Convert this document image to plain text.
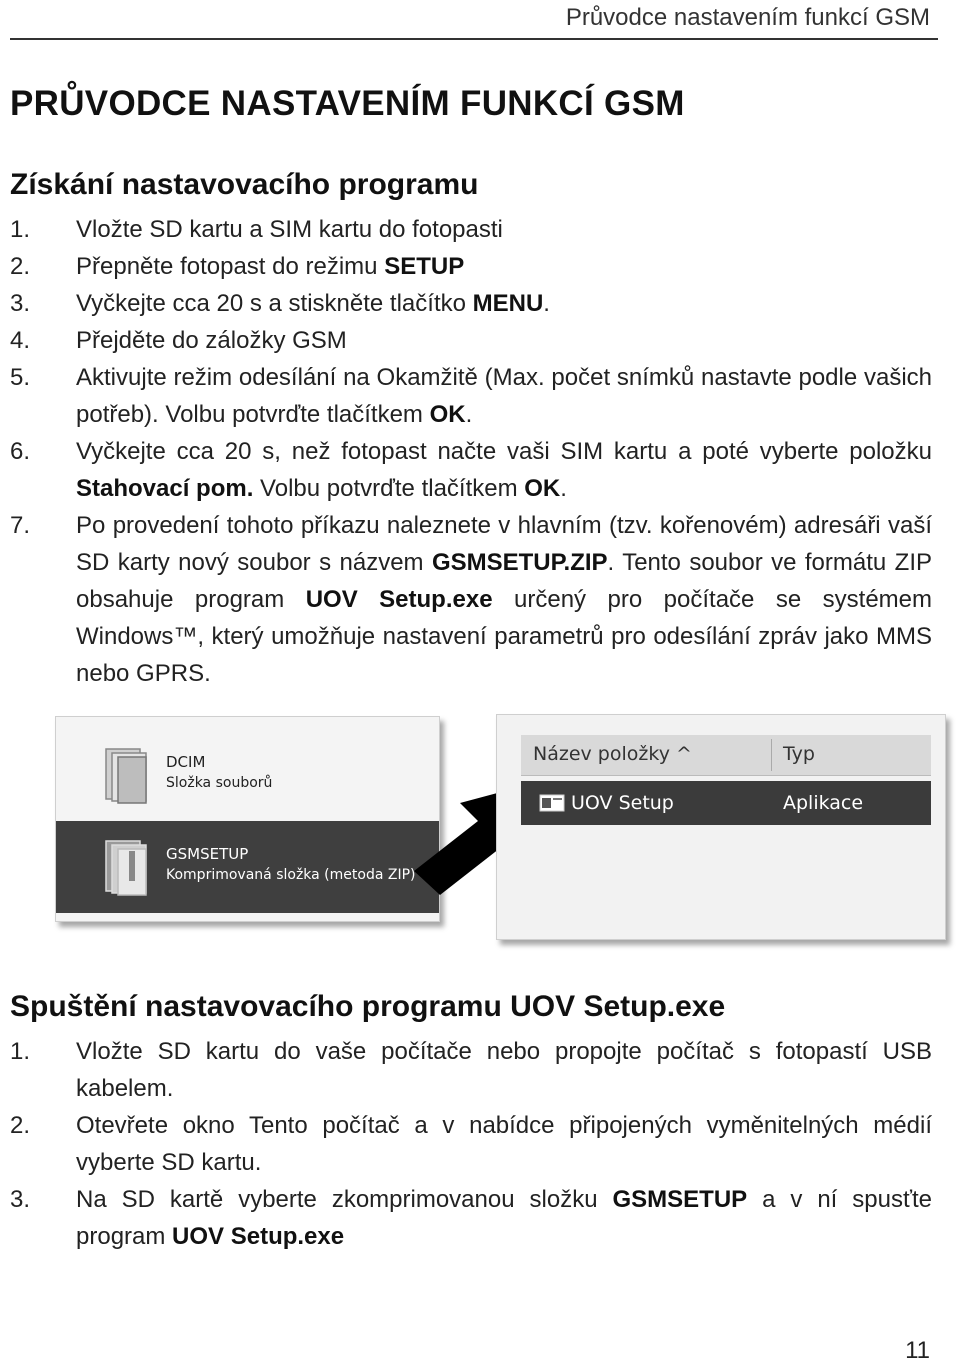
Průvodce nastavením funkcí GSM
PRŮVODCE NASTAVENÍM FUNKCÍ GSM
Získání nastavovacího programu
1. Vložte SD kartu a SIM kartu do fotopasti
2. Přepněte fotopast do režimu SETUP
3. Vyčkejte cca 20 s a stiskněte tlačítko MENU.
4. Přejděte do záložky GSM
5. Aktivujte režim odesílání na Okamžitě (Max. počet snímků nastavte podle vašich potřeb). Volbu potvrďte tlačítkem OK.
6. Vyčkejte cca 20 s, než fotopast načte vaši SIM kartu a poté vyberte položku Stahovací pom. Volbu potvrďte tlačítkem OK.
7. Po provedení tohoto příkazu naleznete v hlavním (tzv. kořenovém) adresáři vaší SD karty nový soubor s názvem GSMSETUP.ZIP. Tento soubor ve formátu ZIP obsahuje program UOV Setup.exe určený pro počítače se systémem Windows™, který umožňuje nastavení parametrů pro odesílání zpráv jako MMS nebo GPRS.
DCIM
Složka souborů
GSMSETUP
Komprimovaná složka (metoda ZIP)
Název položky ^	Typ
UOV Setup	Aplikace
Spuštění nastavovacího programu UOV Setup.exe
1. Vložte SD kartu do vaše počítače nebo propojte počítač s fotopastí USB kabelem.
2. Otevřete okno Tento počítač a v nabídce připojených vyměnitelných médií vyberte SD kartu.
3. Na SD kartě vyberte zkomprimovanou složku GSMSETUP a v ní spusťte program UOV Setup.exe
11
